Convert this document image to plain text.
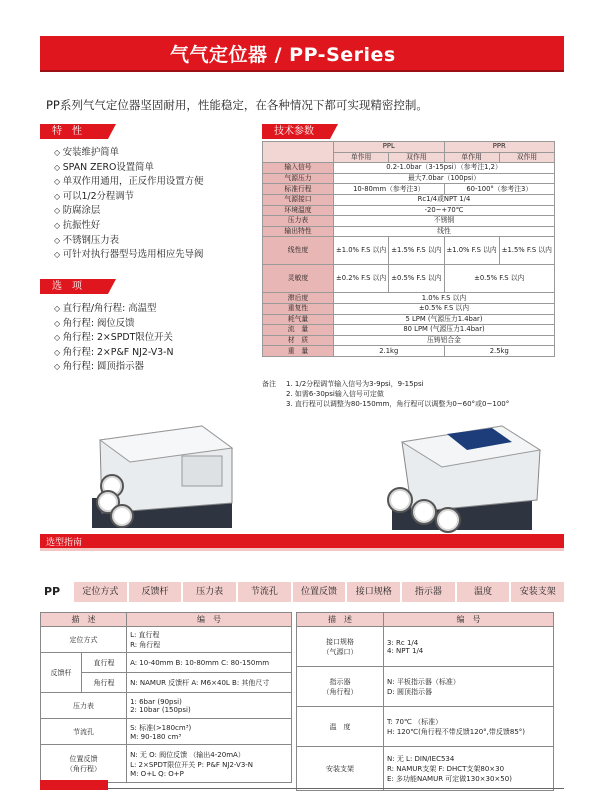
气气定位器 / PP-Series
PP系列气气定位器坚固耐用，性能稳定，在各种情况下都可实现精密控制。
特　性
◇ 安装维护简单
◇ SPAN ZERO设置简单
◇ 单双作用通用，正反作用设置方便
◇ 可以1/2分程调节
◇ 防腐涂层
◇ 抗振性好
◇ 不锈钢压力表
◇ 可针对执行器型号选用相应先导阀
选　项
◇ 直行程/角行程: 高温型
◇ 角行程: 阀位反馈
◇ 角行程: 2×SPDT限位开关
◇ 角行程: 2×P&F NJ2-V3-N
◇ 角行程: 圆顶指示器
技术参数
	PPL		PPR	
	单作用	双作用	单作用	双作用
输入信号	0.2-1.0bar（3-15psi）（参考注1,2）			
气源压力	最大7.0bar（100psi）			
标准行程	10-80mm（参考注3）		60-100°（参考注3）	
气源接口	Rc1/4或NPT 1/4			
环境温度	-20~+70℃			
压力表	不锈钢			
输出特性	线性			
线性度	±1.0% F.S 以内	±1.5% F.S 以内	±1.0% F.S 以内	±1.5% F.S 以内
灵敏度	±0.2% F.S 以内	±0.5% F.S 以内	±0.5% F.S 以内	
滞后度	1.0% F.S 以内			
重复性	±0.5% F.S 以内			
耗气量	5 LPM (气源压力1.4bar)			
流　量	80 LPM (气源压力1.4bar)			
材　质	压铸铝合金			
重　量	2.1kg		2.5kg	
备注	1. 1/2分程调节输入信号为3-9psi，9-15psi
2. 如需6-30psi输入信号可定做
3. 直行程可以调整为80-150mm，角行程可以调整为0~60°或0~100°
选型指南
PP	定位方式	反馈杆	压力表	节流孔	位置反馈	接口规格	指示器	温度	安装支架
描　述		编　号
定位方式		L: 直行程
R: 角行程
反馈杆	直行程	A: 10-40mm B: 10-80mm C: 80-150mm
	角行程	N: NAMUR 反馈杆 A: M6×40L B: 其他尺寸
压力表		1: 6bar (90psi)
2: 10bar (150psi)
节流孔		S: 标准(>180cm³)
M: 90-180 cm³
位置反馈
（角行程）		N: 无 O: 阀位反馈 （输出4-20mA）
L: 2×SPDT限位开关 P: P&F NJ2-V3-N
M: O+L Q: O+P
描　述	编　号
接口规格
（气源口）	3: Rc 1/4
4: NPT 1/4
指示器
（角行程）	N: 平板指示器（标准）
D: 圆顶指示器
温　度	T: 70℃ （标准）
H: 120℃(角行程不带反馈120°,带反馈85°)
安装支架	N: 无 L: DIN/IEC534
R: NAMUR支架 F: DHCT支架80×30
E: 多功能NAMUR 可定做130×30×50)
